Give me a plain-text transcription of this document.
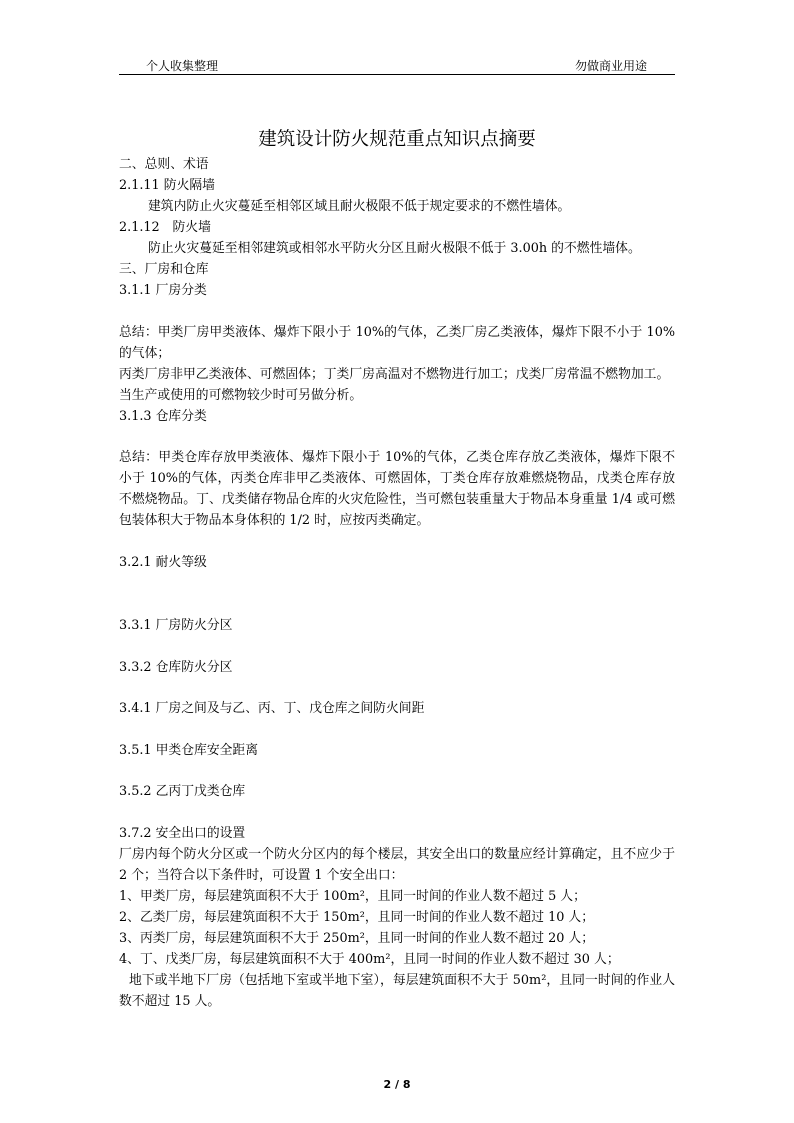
个人收集整理	勿做商业用途
建筑设计防火规范重点知识点摘要

二、总则、术语

2.1.11 防火隔墙

建筑内防止火灾蔓延至相邻区域且耐火极限不低于规定要求的不燃性墙体。

2.1.12　防火墙

防止火灾蔓延至相邻建筑或相邻水平防火分区且耐火极限不低于 3.00h 的不燃性墙体。

三、厂房和仓库

3.1.1 厂房分类

总结：甲类厂房甲类液体、爆炸下限小于 10%的气体，乙类厂房乙类液体，爆炸下限不小于 10%的气体；

丙类厂房非甲乙类液体、可燃固体；丁类厂房高温对不燃物进行加工；戊类厂房常温不燃物加工。

当生产或使用的可燃物较少时可另做分析。

3.1.3 仓库分类

总结：甲类仓库存放甲类液体、爆炸下限小于 10%的气体，乙类仓库存放乙类液体，爆炸下限不小于 10%的气体，丙类仓库非甲乙类液体、可燃固体，丁类仓库存放难燃烧物品，戊类仓库存放不燃烧物品。丁、戊类储存物品仓库的火灾危险性，当可燃包装重量大于物品本身重量 1/4 或可燃包装体积大于物品本身体积的 1/2 时，应按丙类确定。

3.2.1 耐火等级

3.3.1 厂房防火分区

3.3.2 仓库防火分区

3.4.1 厂房之间及与乙、丙、丁、戊仓库之间防火间距

3.5.1 甲类仓库安全距离

3.5.2 乙丙丁戊类仓库

3.7.2 安全出口的设置

厂房内每个防火分区或一个防火分区内的每个楼层，其安全出口的数量应经计算确定，且不应少于 2 个；当符合以下条件时，可设置 1 个安全出口：

1、甲类厂房，每层建筑面积不大于 100m²，且同一时间的作业人数不超过 5 人；

2、乙类厂房，每层建筑面积不大于 150m²，且同一时间的作业人数不超过 10 人；

3、丙类厂房，每层建筑面积不大于 250m²，且同一时间的作业人数不超过 20 人；

4、丁、戊类厂房，每层建筑面积不大于 400m²，且同一时间的作业人数不超过 30 人；

地下或半地下厂房（包括地下室或半地下室），每层建筑面积不大于 50m²，且同一时间的作业人数不超过 15 人。

2 / 8
